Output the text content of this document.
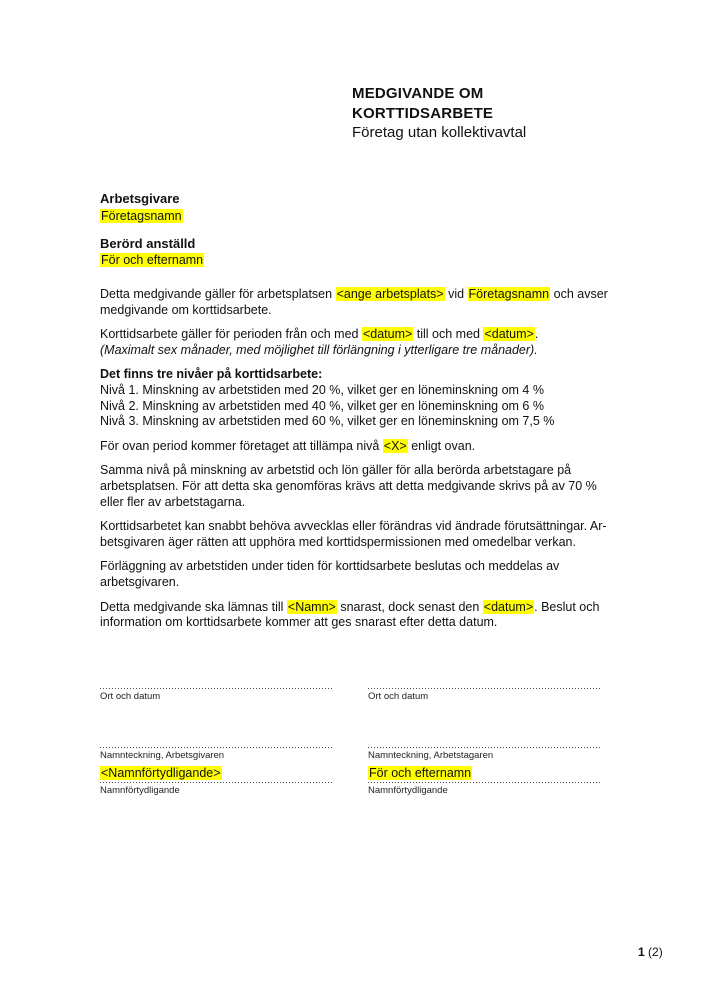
MEDGIVANDE OM
KORTTIDSARBETE
Företag utan kollektivavtal
Arbetsgivare
Företagsnamn
Berörd anställd
För och efternamn

Detta medgivande gäller för arbetsplatsen <ange arbetsplats> vid Företagsnamn och avser medgivande om korttidsarbete.

Korttidsarbete gäller för perioden från och med <datum> till och med <datum>.
(Maximalt sex månader, med möjlighet till förlängning i ytterligare tre månader).

Det finns tre nivåer på korttidsarbete:
Nivå 1. Minskning av arbetstiden med 20 %, vilket ger en löneminskning om 4 %
Nivå 2. Minskning av arbetstiden med 40 %, vilket ger en löneminskning om 6 %
Nivå 3. Minskning av arbetstiden med 60 %, vilket ger en löneminskning om 7,5 %

För ovan period kommer företaget att tillämpa nivå <X> enligt ovan.

Samma nivå på minskning av arbetstid och lön gäller för alla berörda arbetstagare på arbetsplatsen. För att detta ska genomföras krävs att detta medgivande skrivs på av 70 % eller fler av arbetstagarna.

Korttidsarbetet kan snabbt behöva avvecklas eller förändras vid ändrade förutsättningar. Arbetsgivaren äger rätten att upphöra med korttidspermissionen med omedelbar verkan.

Förläggning av arbetstiden under tiden för korttidsarbete beslutas och meddelas av arbetsgivaren.

Detta medgivande ska lämnas till <Namn> snarast, dock senast den <datum>. Beslut och information om korttidsarbete kommer att ges snarast efter detta datum.

Ort och datum
Namnteckning, Arbetsgivaren
<Namnförtydligande>
Namnförtydligande
Ort och datum
Namnteckning, Arbetstagaren
För och efternamn
Namnförtydligande
1 (2)
